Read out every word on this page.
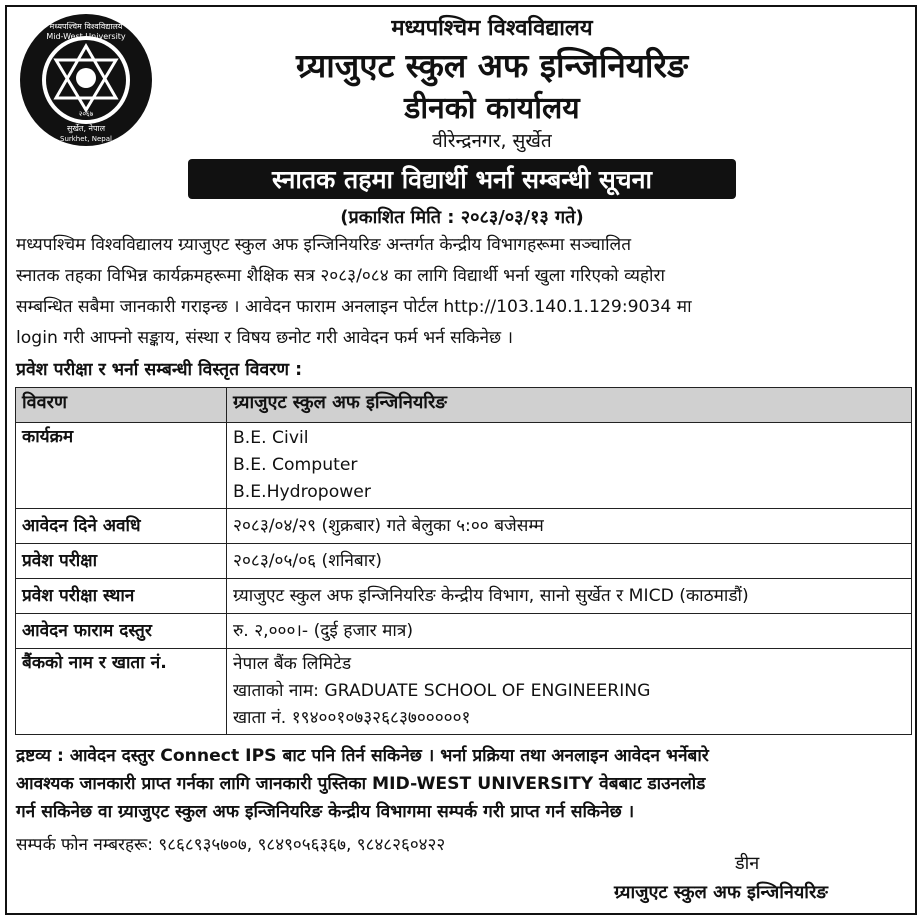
२०६७
मध्यपश्चिम विश्वविद्यालय
Mid-West University
सुर्खेत, नेपाल
Surkhet, Nepal
मध्यपश्चिम विश्वविद्यालय
ग्र्याजुएट स्कुल अफ इन्जिनियरिङ
डीनको कार्यालय
वीरेन्द्रनगर, सुर्खेत
स्नातक तहमा विद्यार्थी भर्ना सम्बन्धी सूचना
(प्रकाशित मिति : २०८३/०३/१३ गते)
मध्यपश्चिम विश्वविद्यालय ग्र्याजुएट स्कुल अफ इन्जिनियरिङ अन्तर्गत केन्द्रीय विभागहरूमा सञ्चालित
स्नातक तहका विभिन्न कार्यक्रमहरूमा शैक्षिक सत्र २०८३/०८४ का लागि विद्यार्थी भर्ना खुला गरिएको व्यहोरा
सम्बन्धित सबैमा जानकारी गराइन्छ । आवेदन फाराम अनलाइन पोर्टल http://103.140.1.129:9034 मा
login गरी आफ्नो सङ्काय, संस्था र विषय छनोट गरी आवेदन फर्म भर्न सकिनेछ ।
प्रवेश परीक्षा र भर्ना सम्बन्धी विस्तृत विवरण :
विवरण	ग्र्याजुएट स्कुल अफ इन्जिनियरिङ
कार्यक्रम	B.E. Civil
B.E. Computer
B.E.Hydropower

आवेदन दिने अवधि	२०८३/०४/२९ (शुक्रबार) गते बेलुका ५:०० बजेसम्म
प्रवेश परीक्षा	२०८३/०५/०६ (शनिबार)
प्रवेश परीक्षा स्थान	ग्र्याजुएट स्कुल अफ इन्जिनियरिङ केन्द्रीय विभाग, सानो सुर्खेत र MICD (काठमाडौं)
आवेदन फाराम दस्तुर	रु. २,०००।- (दुई हजार मात्र)
बैंकको नाम र खाता नं.	नेपाल बैंक लिमिटेड
खाताको नाम: GRADUATE SCHOOL OF ENGINEERING
खाता नं. १९४००१०७३२६८३७०००००१
द्रष्टव्य : आवेदन दस्तुर Connect IPS बाट पनि तिर्न सकिनेछ । भर्ना प्रक्रिया तथा अनलाइन आवेदन भर्नेबारे
आवश्यक जानकारी प्राप्त गर्नका लागि जानकारी पुस्तिका MID-WEST UNIVERSITY वेबबाट डाउनलोड
गर्न सकिनेछ वा ग्र्याजुएट स्कुल अफ इन्जिनियरिङ केन्द्रीय विभागमा सम्पर्क गरी प्राप्त गर्न सकिनेछ ।
सम्पर्क फोन नम्बरहरू: ९८६८९३५७०७, ९८४९०५६३६७, ९८४८२६०४२२
डीन
ग्र्याजुएट स्कुल अफ इन्जिनियरिङ
